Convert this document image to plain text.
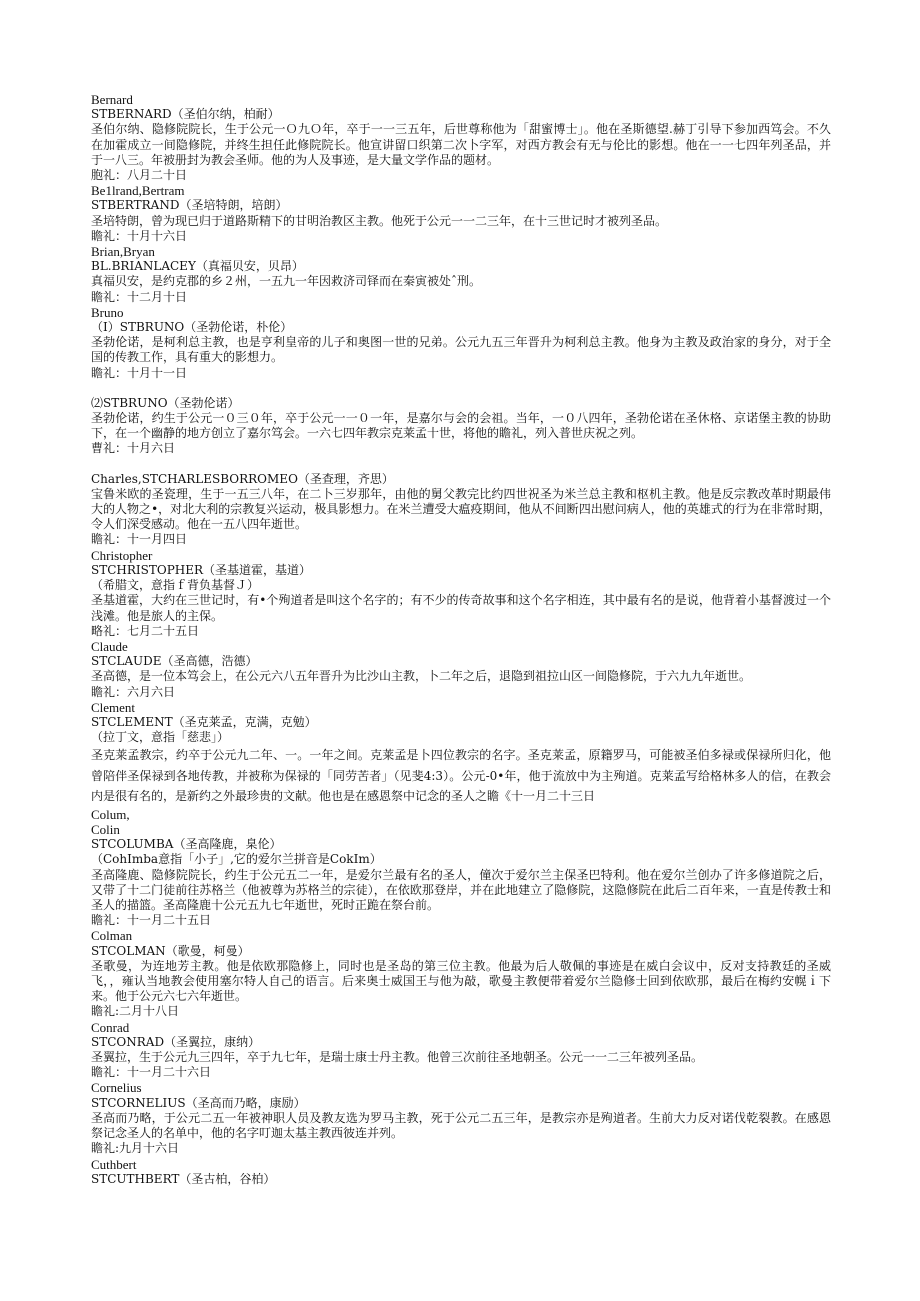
Bernard
STBERNARD（圣伯尔纳，柏耐）
圣伯尔纳、隐修院院长，生于公元一Ｏ九Ｏ年，卒于一一三五年，后世尊称他为「甜蜜博士」。他在圣斯德望.赫丁引导下参加西笃会。不久在加霍成立一间隐修院，并终生担任此修院院长。他宣讲留口织第二次卜字军，对西方教会有无与伦比的影想。他在一一七四年列圣品，并于一八三。年被册封为教会圣师。他的为人及事迹，是大量文学作品的题材。
胞礼：八月二十日
Be1lrand,Bertram
STBERTRAND（圣培特朗，培朗）
圣培特朗，曾为现已归于道路斯精下的甘明治教区主教。他死于公元一一二三年，在十三世记时才被列圣品。
瞻礼：十月十六日
Brian,Bryan
BL.BRIANLACEY（真福贝安，贝昂）
真福贝安，是约克郡的乡２州，一五九一年因救济司铎而在秦寅被处ˆ刑。
瞻礼：十二月十日
Bruno
（I）STBRUNO（圣勃伦诺，朴伦）
圣勃伦诺，是柯利总主教，也是亨利皇帝的儿子和奥图一世的兄弟。公元九五三年晋升为柯利总主教。他身为主教及政治家的身分，对于全国的传教工作，具有重大的影想力。
瞻礼：十月十一日
⑵STBRUNO（圣勃伦诺）
圣勃伦诺，约生于公元一０三０年，卒于公元一一０一年，是嘉尔与会的会祖。当年，一０八四年，圣勃伦诺在圣休格、京诺堡主教的协助下，在一个幽静的地方创立了嘉尔笃会。一六七四年教宗克莱孟十世，将他的瞻礼，列入普世庆祝之列。
曹礼：十月六日
Charles,STCHARLESBORROMEO（圣查理，齐思）
宝鲁米欧的圣瓷理，生于一五三八年，在二卜三岁那年，由他的舅父教完比约四世祝圣为米兰总主教和枢机主教。他是反宗教改革时期最伟大的人物之•，对北大利的宗教复兴运动，极具影想力。在米兰遭受大瘟疫期间，他从不间断四出慰问病人，他的英雄式的行为在非常时期，令人们深受感动。他在一五八四年逝世。
瞻礼：十一月四日
Christopher
STCHRISTOPHER（圣基道霍，基道）
（希腊文，意指ｆ背负基督Ｊ）
圣基道霍，大约在三世记时，有•个殉道者是叫这个名字的；有不少的传奇故事和这个名字相连，其中最有名的是说，他背着小基督渡过一个浅滩。他是旅人的主保。
略礼：七月二十五日
Claude
STCLAUDE（圣高德，浩德）
圣高德，是一位本笃会上，在公元六八五年晋升为比沙山主教，卜二年之后，退隐到祖拉山区一间隐修院，于六九九年逝世。
瞻礼：六月六日
Clement
STCLEMENT（圣克莱孟，克满，克勉）
（拉丁文，意指「慈悲」）
圣克莱孟教宗，约卒于公元九二年、一。一年之间。克莱孟是卜四位教宗的名字。圣克莱孟，原籍罗马，可能被圣伯多禄或保禄所归化，他曾陪伴圣保禄到各地传教，并被称为保禄的「同劳苦者」（见斐4:3）。公元-0•年，他于流放中为主殉道。克莱孟写给格林多人的信，在教会内是很有名的，是新约之外最珍贵的文献。他也是在感恩祭中记念的圣人之瞻《十一月二十三日
Colum,
Colin
STCOLUMBA（圣高隆鹿，臬伦）
（CohImba意指「小子」,它的爱尔兰拼音是CokIm）
圣高隆鹿、隐修院院长，约生于公元五二一年，是爱尔兰最有名的圣人，僮次于爱尔兰主保圣巴特利。他在爱尔兰创办了许多修道院之后，又带了十二门徒前往苏格兰（他被尊为苏格兰的宗徒），在依欧那登岸，并在此地建立了隐修院，这隐修院在此后二百年来，一直是传教士和圣人的描篮。圣高隆鹿十公元五九七年逝世，死时正跪在祭台前。
瞻礼：十一月二十五日
Colman
STCOLMAN（歌曼，柯曼）
圣歌曼，为连地芳主教。他是依欧那隐修上，同时也是圣岛的第三位主教。他最为后人敬佩的事迹是在威白会议中，反对支持教廷的圣威飞，，雍认当地教会使用塞尔特人自己的语言。后来奥士威国王与他为敲，歌曼主教便带着爱尔兰隐修士回到依欧那，最后在梅约安幌ｉ下来。他于公元六七六年逝世。
瞻礼:二月十八日
Conrad
STCONRAD（圣翼拉，康纳）
圣翼拉，生于公元九三四年，卒于九七年，是瑞士康士丹主教。他曾三次前往圣地朝圣。公元一一二三年被列圣品。
瞻礼：十一月二十六日
Cornelius
STCORNELIUS（圣高而乃略，康励）
圣高而乃略，于公元二五一年被神职人员及教友选为罗马主教，死于公元二五三年，是教宗亦是殉道者。生前大力反对诺伐乾裂教。在感恩祭记念圣人的名单中，他的名字叮迦太基主教西彼连并列。
瞻礼:九月十六日
Cuthbert
STCUTHBERT（圣古柏，谷柏）
